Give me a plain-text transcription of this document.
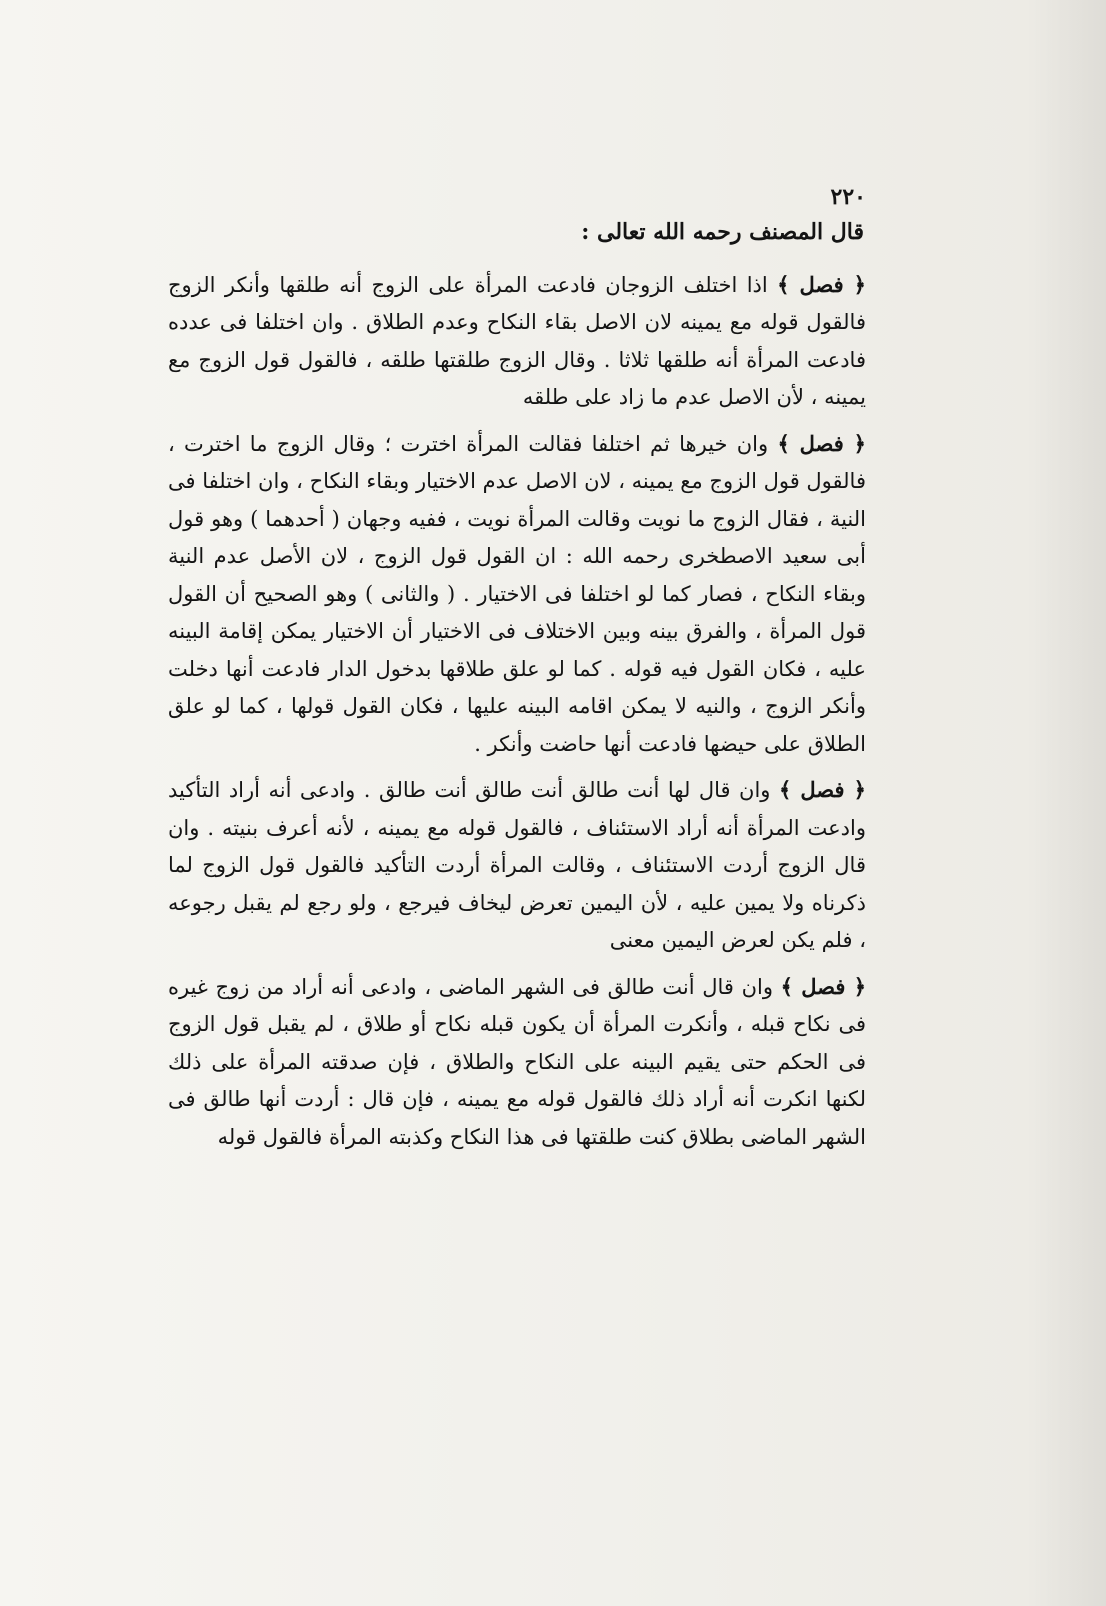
٢٢٠
قال المصنف رحمه الله تعالى :

﴿ فصل ﴾ اذا اختلف الزوجان فادعت المرأة على الزوج أنه طلقها وأنكر الزوج فالقول قوله مع يمينه لان الاصل بقاء النكاح وعدم الطلاق . وان اختلفا فى عدده فادعت المرأة أنه طلقها ثلاثا . وقال الزوج طلقتها طلقه ، فالقول قول الزوج مع يمينه ، لأن الاصل عدم ما زاد على طلقه

﴿ فصل ﴾ وان خيرها ثم اختلفا فقالت المرأة اخترت ؛ وقال الزوج ما اخترت ، فالقول قول الزوج مع يمينه ، لان الاصل عدم الاختيار وبقاء النكاح ، وان اختلفا فى النية ، فقال الزوج ما نويت وقالت المرأة نويت ، ففيه وجهان ( أحدهما ) وهو قول أبى سعيد الاصطخرى رحمه الله : ان القول قول الزوج ، لان الأصل عدم النية وبقاء النكاح ، فصار كما لو اختلفا فى الاختيار . ( والثانى ) وهو الصحيح أن القول قول المرأة ، والفرق بينه وبين الاختلاف فى الاختيار أن الاختيار يمكن إقامة البينه عليه ، فكان القول فيه قوله . كما لو علق طلاقها بدخول الدار فادعت أنها دخلت وأنكر الزوج ، والنيه لا يمكن اقامه البينه عليها ، فكان القول قولها ، كما لو علق الطلاق على حيضها فادعت أنها حاضت وأنكر .

﴿ فصل ﴾ وان قال لها أنت طالق أنت طالق أنت طالق . وادعى أنه أراد التأكيد وادعت المرأة أنه أراد الاستئناف ، فالقول قوله مع يمينه ، لأنه أعرف بنيته . وان قال الزوج أردت الاستئناف ، وقالت المرأة أردت التأكيد فالقول قول الزوج لما ذكرناه ولا يمين عليه ، لأن اليمين تعرض ليخاف فيرجع ، ولو رجع لم يقبل رجوعه ، فلم يكن لعرض اليمين معنى

﴿ فصل ﴾ وان قال أنت طالق فى الشهر الماضى ، وادعى أنه أراد من زوج غيره فى نكاح قبله ، وأنكرت المرأة أن يكون قبله نكاح أو طلاق ، لم يقبل قول الزوج فى الحكم حتى يقيم البينه على النكاح والطلاق ، فإن صدقته المرأة على ذلك لكنها انكرت أنه أراد ذلك فالقول قوله مع يمينه ، فإن قال : أردت أنها طالق فى الشهر الماضى بطلاق كنت طلقتها فى هذا النكاح وكذبته المرأة فالقول قوله
